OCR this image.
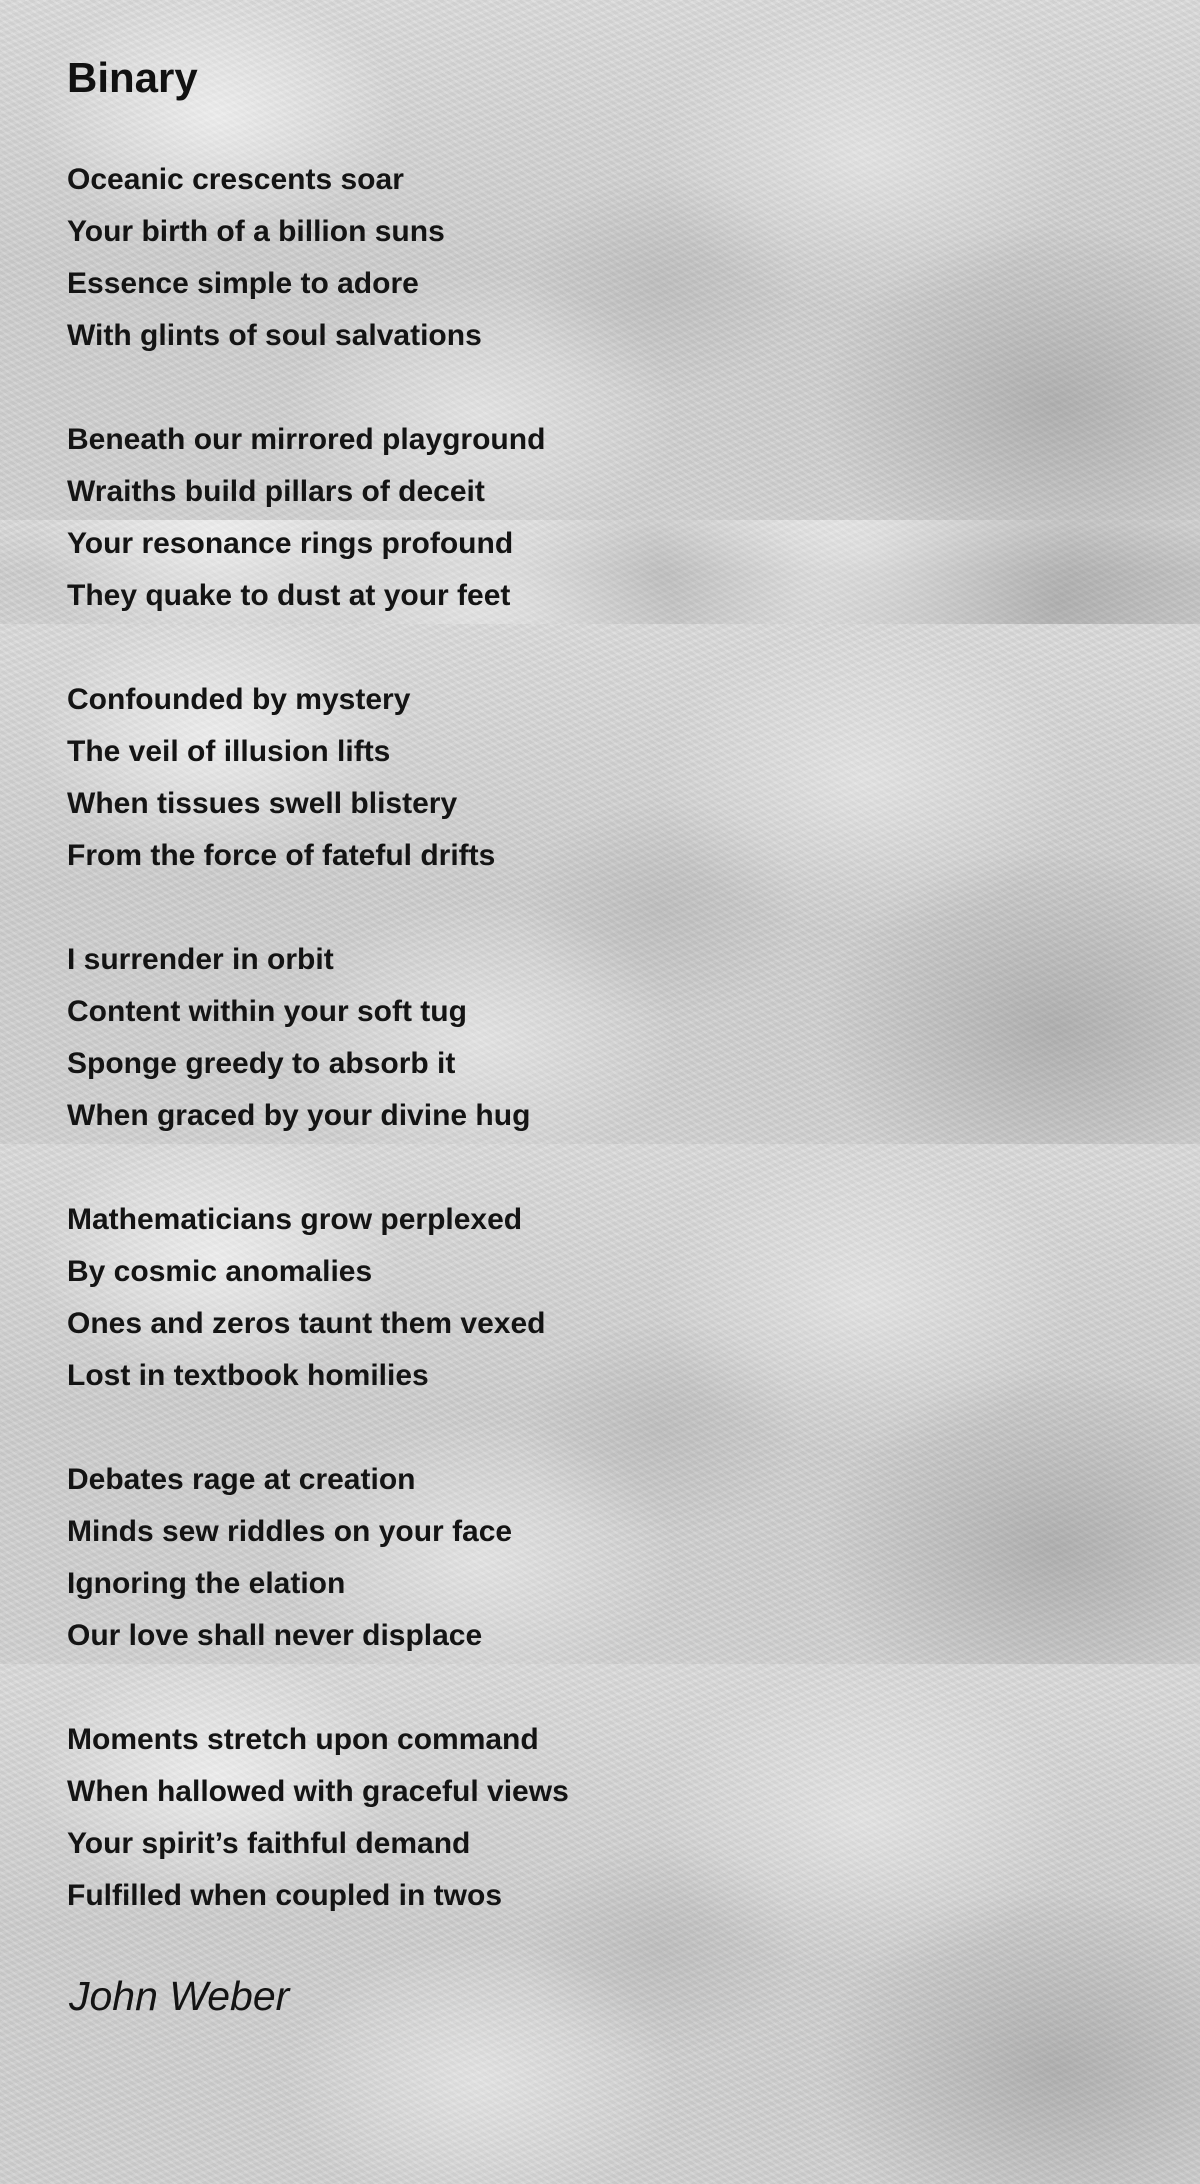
Binary
Oceanic crescents soar
Your birth of a billion suns
Essence simple to adore
With glints of soul salvations
Beneath our mirrored playground
Wraiths build pillars of deceit
Your resonance rings profound
They quake to dust at your feet
Confounded by mystery
The veil of illusion lifts
When tissues swell blistery
From the force of fateful drifts
I surrender in orbit
Content within your soft tug
Sponge greedy to absorb it
When graced by your divine hug
Mathematicians grow perplexed
By cosmic anomalies
Ones and zeros taunt them vexed
Lost in textbook homilies
Debates rage at creation
Minds sew riddles on your face
Ignoring the elation
Our love shall never displace
Moments stretch upon command
When hallowed with graceful views
Your spirit’s faithful demand
Fulfilled when coupled in twos
John Weber
